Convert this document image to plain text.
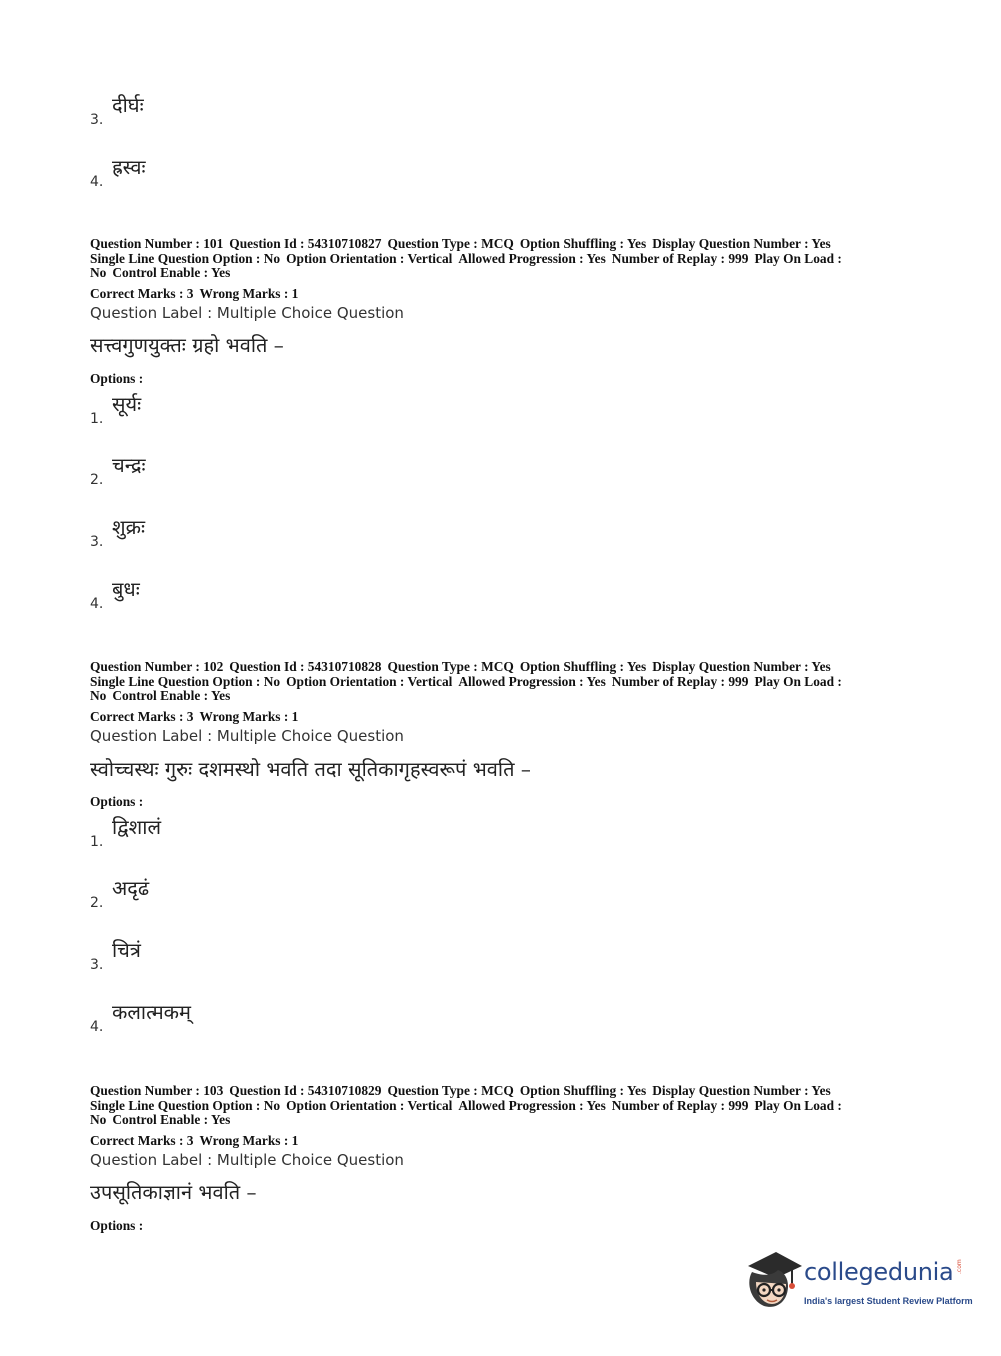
3.
दीर्घः
4.
ह्रस्वः
Question Number : 101 Question Id : 54310710827 Question Type : MCQ Option Shuffling : Yes Display Question Number : Yes
Single Line Question Option : No Option Orientation : Vertical Allowed Progression : Yes Number of Replay : 999 Play On Load :
No Control Enable : Yes
Correct Marks : 3 Wrong Marks : 1
Question Label : Multiple Choice Question
सत्त्वगुणयुक्तः ग्रहो भवति –
Options :
1.
सूर्यः
2.
चन्द्रः
3.
शुक्रः
4.
बुधः
Question Number : 102 Question Id : 54310710828 Question Type : MCQ Option Shuffling : Yes Display Question Number : Yes
Single Line Question Option : No Option Orientation : Vertical Allowed Progression : Yes Number of Replay : 999 Play On Load :
No Control Enable : Yes
Correct Marks : 3 Wrong Marks : 1
Question Label : Multiple Choice Question
स्वोच्चस्थः गुरुः दशमस्थो भवति तदा सूतिकागृहस्वरूपं भवति –
Options :
1.
द्विशालं
2.
अदृढं
3.
चित्रं
4.
कलात्मकम्
Question Number : 103 Question Id : 54310710829 Question Type : MCQ Option Shuffling : Yes Display Question Number : Yes
Single Line Question Option : No Option Orientation : Vertical Allowed Progression : Yes Number of Replay : 999 Play On Load :
No Control Enable : Yes
Correct Marks : 3 Wrong Marks : 1
Question Label : Multiple Choice Question
उपसूतिकाज्ञानं भवति –
Options :
collegedunia .com
India's largest Student Review Platform
